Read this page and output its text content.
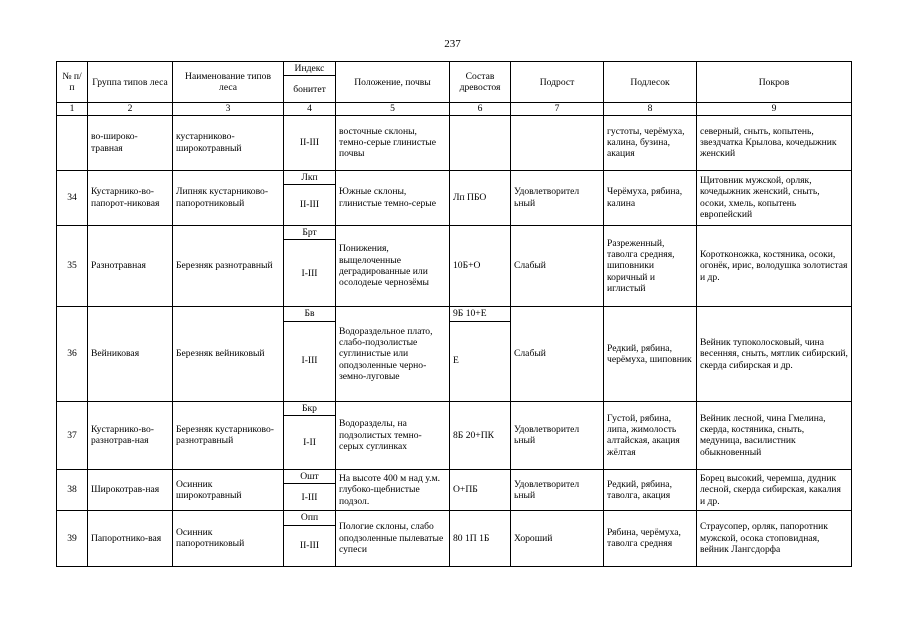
237
№ п/п	Группа типов леса	Наименование типов леса	Индекс	Положение, почвы	Состав древостоя	Подрост	Подлесок	Покров
			бонитет					
1	2	3	4	5	6	7	8	9
	во-широко-травная	кустарниково-широкотравный	II-III	восточные склоны, темно-серые глинистые почвы			густоты, черёмуха, калина, бузина, акация	северный, сныть, копытень, звездчатка Крылова, кочедыжник женский
34	Кустарнико-во-папорот-никовая	Липняк кустарниково-папоротниковый	Лкп	Южные склоны, глинистые темно-серые	Лп ПБО	Удовлетворител ьный	Черёмуха, рябина, калина	Щитовник мужской, орляк, кочедыжник женский, сныть, осоки, хмель, копытень европейский
			II-III					
35	Разнотравная	Березняк разнотравный	Брт	Понижения, выщелоченные деградированные или осолодеые чернозёмы	10Б+О	Слабый	Разреженный, таволга средняя, шиповники коричный и иглистый	Коротконожка, костяника, осоки, огонёк, ирис, володушка золотистая и др.
			I-III					
36	Вейниковая	Березняк вейниковый	Бв	Водораздельное плато, слабо-подзолистые суглинистые или оподзоленные черно-земно-луговые	9Б 10+Е	Слабый	Редкий, рябина, черёмуха, шиповник	Вейник тупоколосковый, чина весенняя, сныть, мятлик сибирский, скерда сибирская и др.
			I-III		Е			
37	Кустарнико-во-разнотрав-ная	Березняк кустарниково-разнотравный	Бкр	Водоразделы, на подзолистых темно-серых суглинках	8Б 20+ПК	Удовлетворител ьный	Густой, рябина, липа, жимолость алтайская, акация жёлтая	Вейник лесной, чина Гмелина, скерда, костяника, сныть, медуница, василистник обыкновенный
			I-II					
38	Широкотрав-ная	Осинник широкотравный	Ошт	На высоте 400 м над у.м. глубоко-щебнистые подзол.	О+ПБ	Удовлетворител ьный	Редкий, рябина, таволга, акация	Борец высокий, черемша, дудник лесной, скерда сибирская, какалия и др.
			I-III					
39	Папоротнико-вая	Осинник папоротниковый	Опп	Пологие склоны, слабо оподзоленные пылеватые супеси	80 1П 1Б	Хороший	Рябина, черёмуха, таволга средняя	Страусопер, орляк, папоротник мужской, осока стоповидная, вейник Лангсдорфа
			II-III					
